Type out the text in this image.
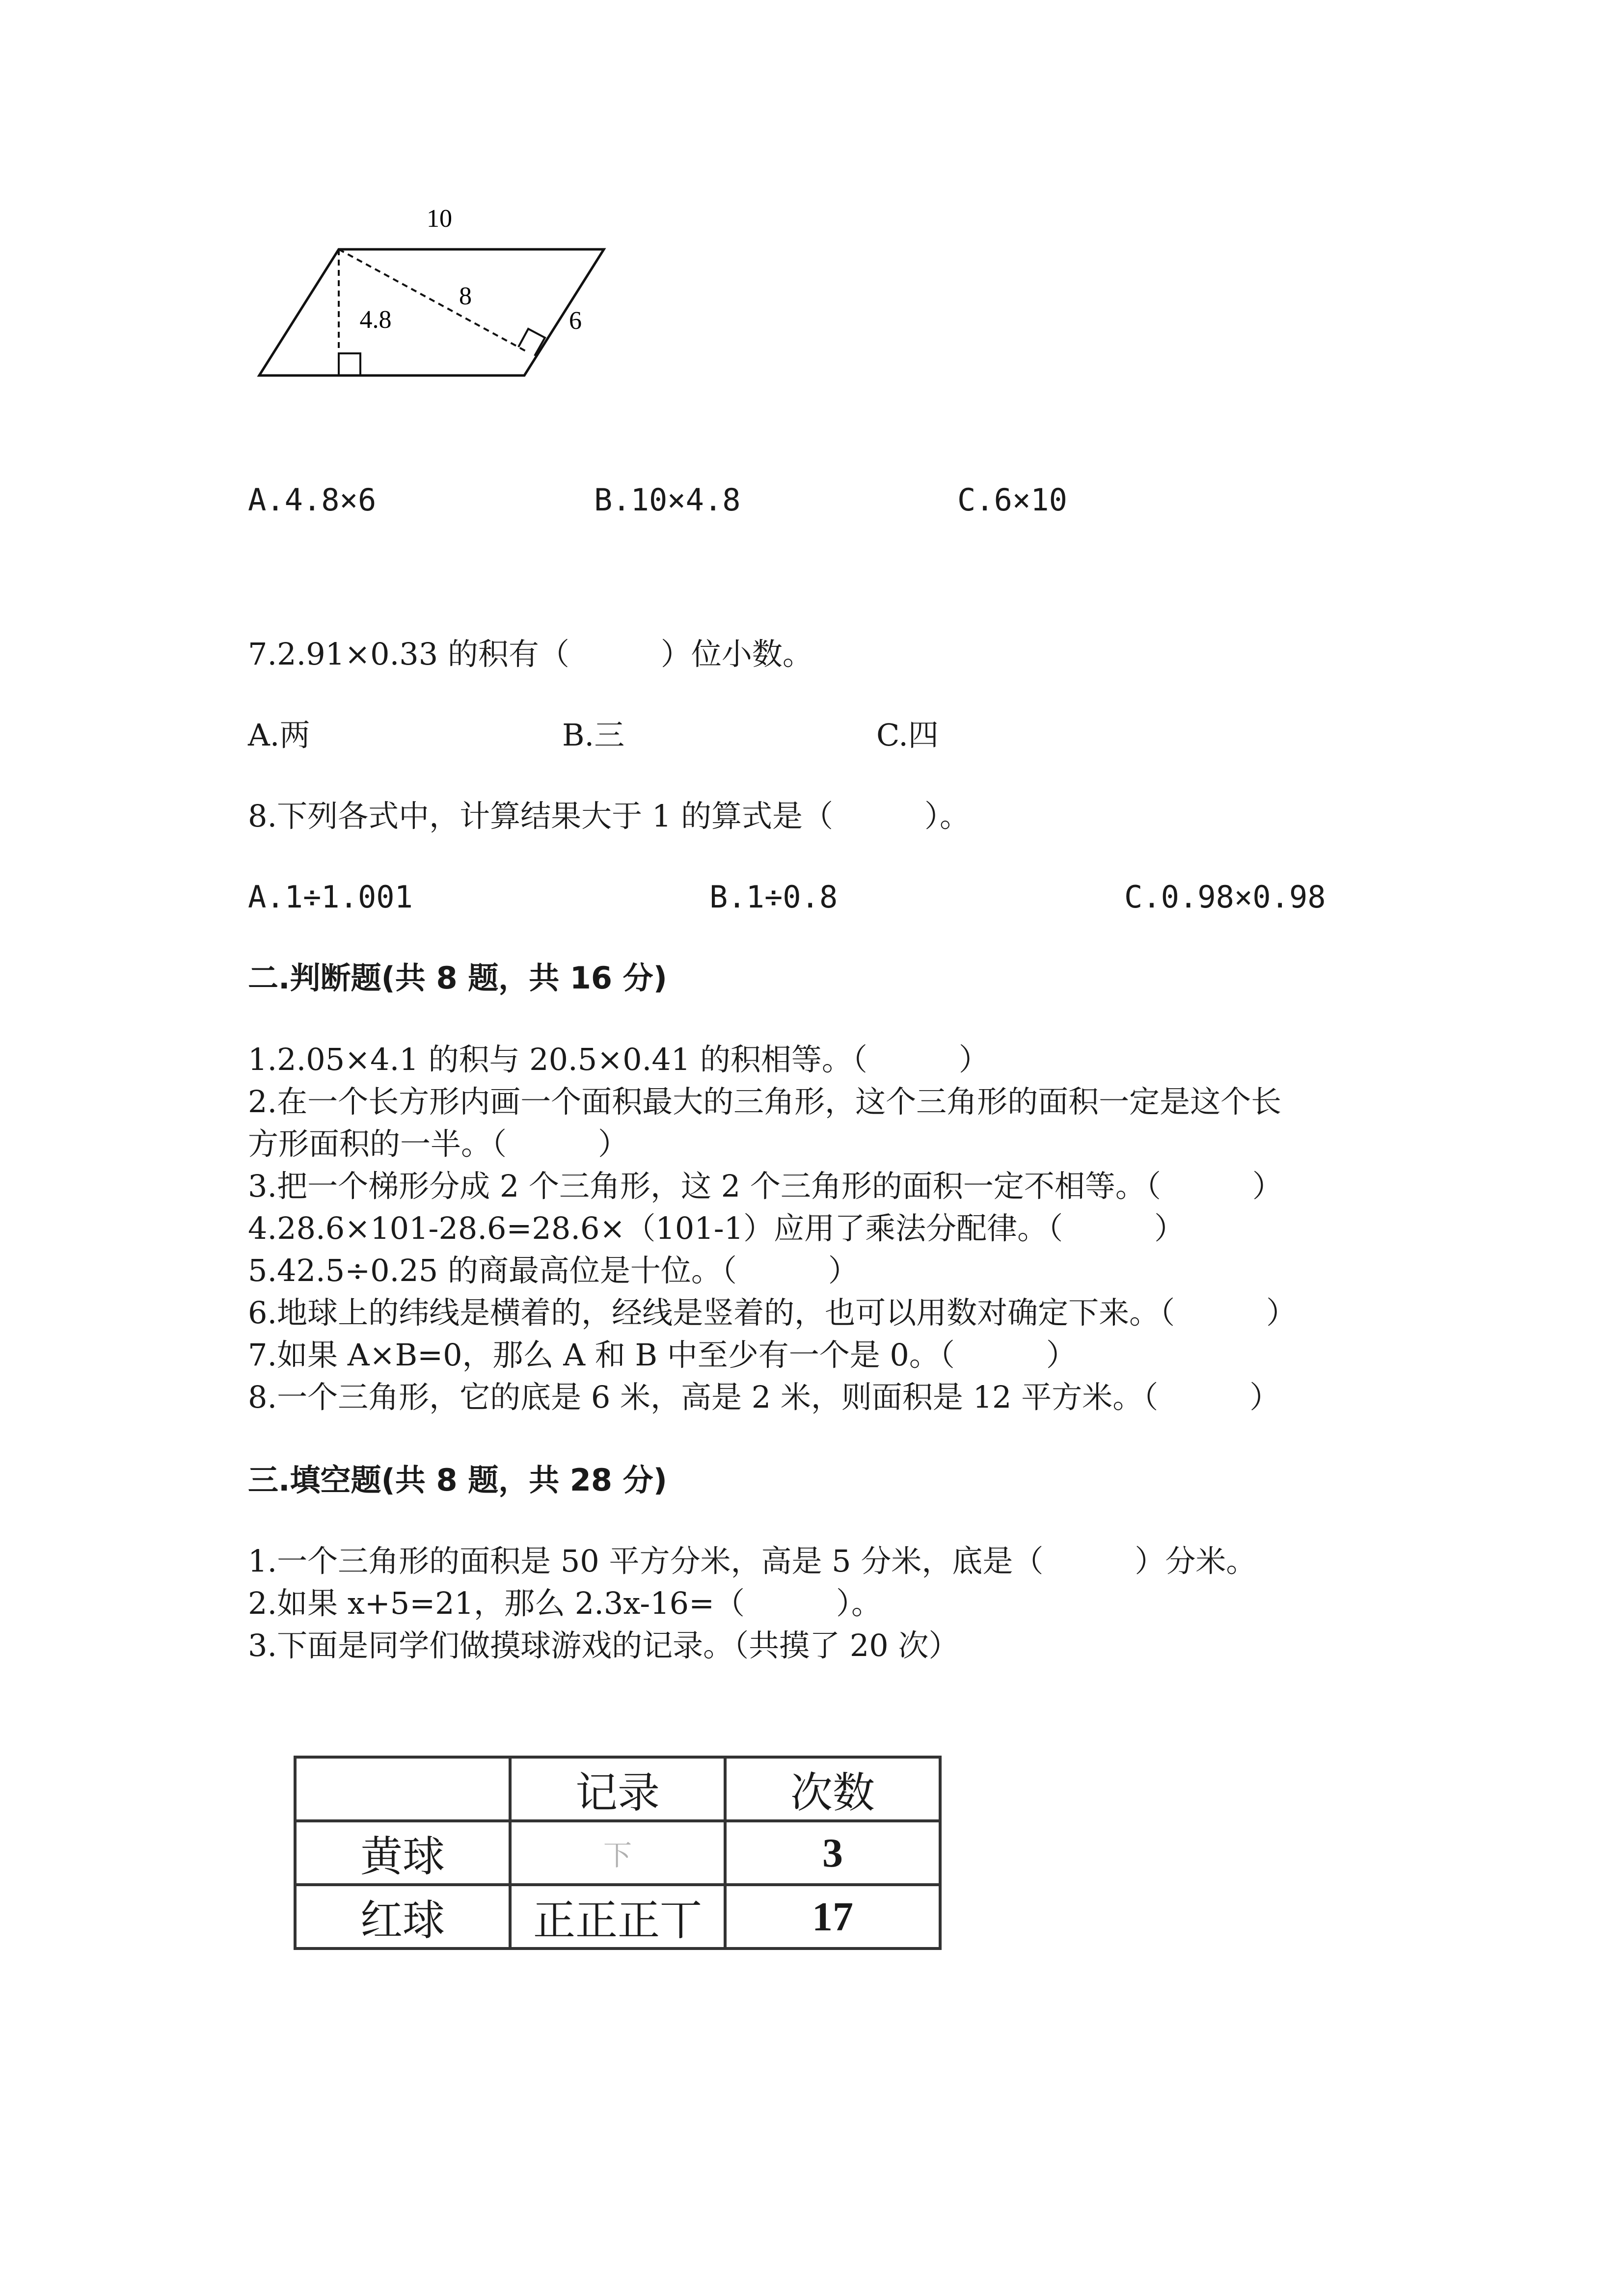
10
8
4.8	6
A.4.8×6	B.10×4.8	C.6×10
7.2.91×0.33 的积有（　　　）位小数。
A.两	B.三	C.四
8.下列各式中，计算结果大于 1 的算式是（　　　）。
A.1÷1.001	B.1÷0.8	C.0.98×0.98
二.判断题(共 8 题，共 16 分)
1.2.05×4.1 的积与 20.5×0.41 的积相等。（　　　）
2.在一个长方形内画一个面积最大的三角形，这个三角形的面积一定是这个长
方形面积的一半。（　　　）
3.把一个梯形分成 2 个三角形，这 2 个三角形的面积一定不相等。（　　　）
4.28.6×101-28.6=28.6×（101-1）应用了乘法分配律。（　　　）
5.42.5÷0.25 的商最高位是十位。（　　　）
6.地球上的纬线是横着的，经线是竖着的，也可以用数对确定下来。（　　　）
7.如果 A×B=0，那么 A 和 B 中至少有一个是 0。（　　　）
8.一个三角形，它的底是 6 米，高是 2 米，则面积是 12 平方米。（　　　）
三.填空题(共 8 题，共 28 分)
1.一个三角形的面积是 50 平方分米，高是 5 分米，底是（　　　）分米。
2.如果 x+5=21，那么 2.3x-16=（　　　）。
3.下面是同学们做摸球游戏的记录。（共摸了 20 次）
	记录	次数
黄球	下	3
红球	正正正丅	17
